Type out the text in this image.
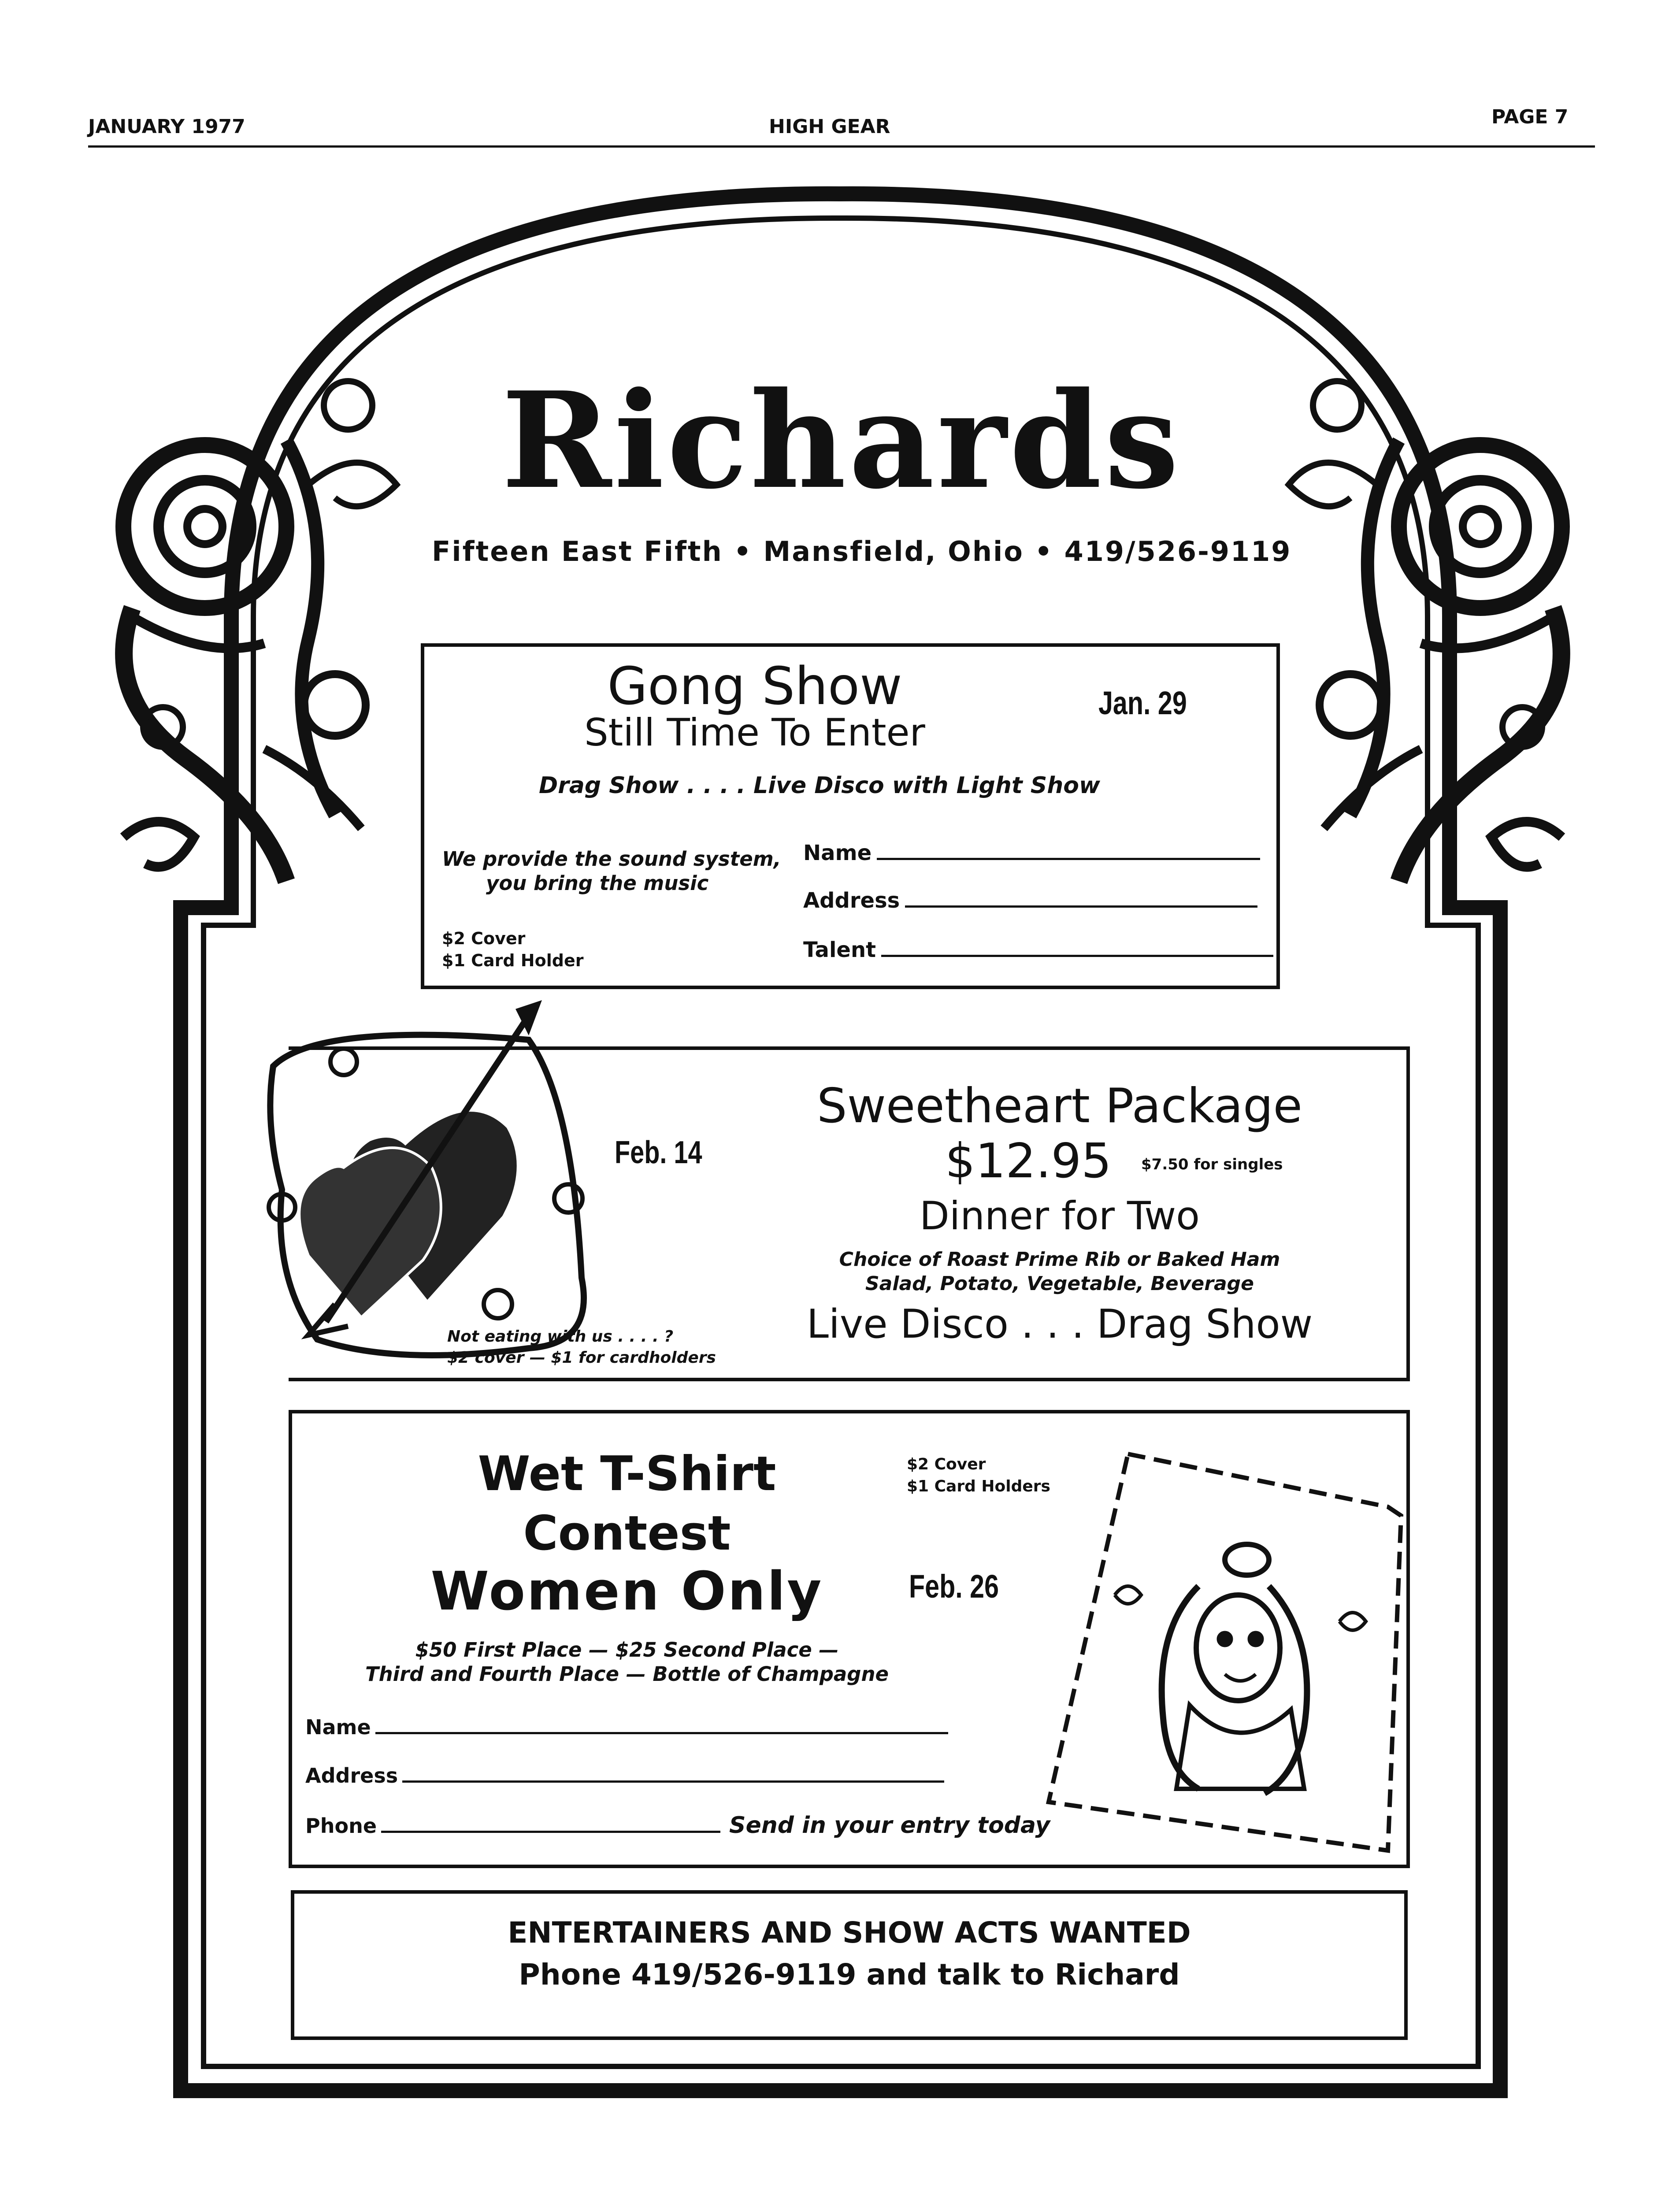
JANUARY 1977	HIGH GEAR	PAGE 7
Richards
Fifteen East Fifth • Mansfield, Ohio • 419/526-9119
Gong Show
Still Time To Enter
Jan. 29
Drag Show . . . . Live Disco with Light Show
We provide the sound system,
you bring the music
$2 Cover
$1 Card Holder
Name
Address
Talent
Feb. 14
Sweetheart Package
$12.95 $7.50 for singles
Dinner for Two
Choice of Roast Prime Rib or Baked Ham
Salad, Potato, Vegetable, Beverage
Live Disco . . . Drag Show
Not eating with us . . . . ?
$2 cover — $1 for cardholders
Wet T-Shirt
Contest
Women Only
$2 Cover
$1 Card Holders
Feb. 26
$50 First Place — $25 Second Place —
Third and Fourth Place — Bottle of Champagne
Name
Address
Phone	Send in your entry today
ENTERTAINERS AND SHOW ACTS WANTED
Phone 419/526-9119 and talk to Richard
